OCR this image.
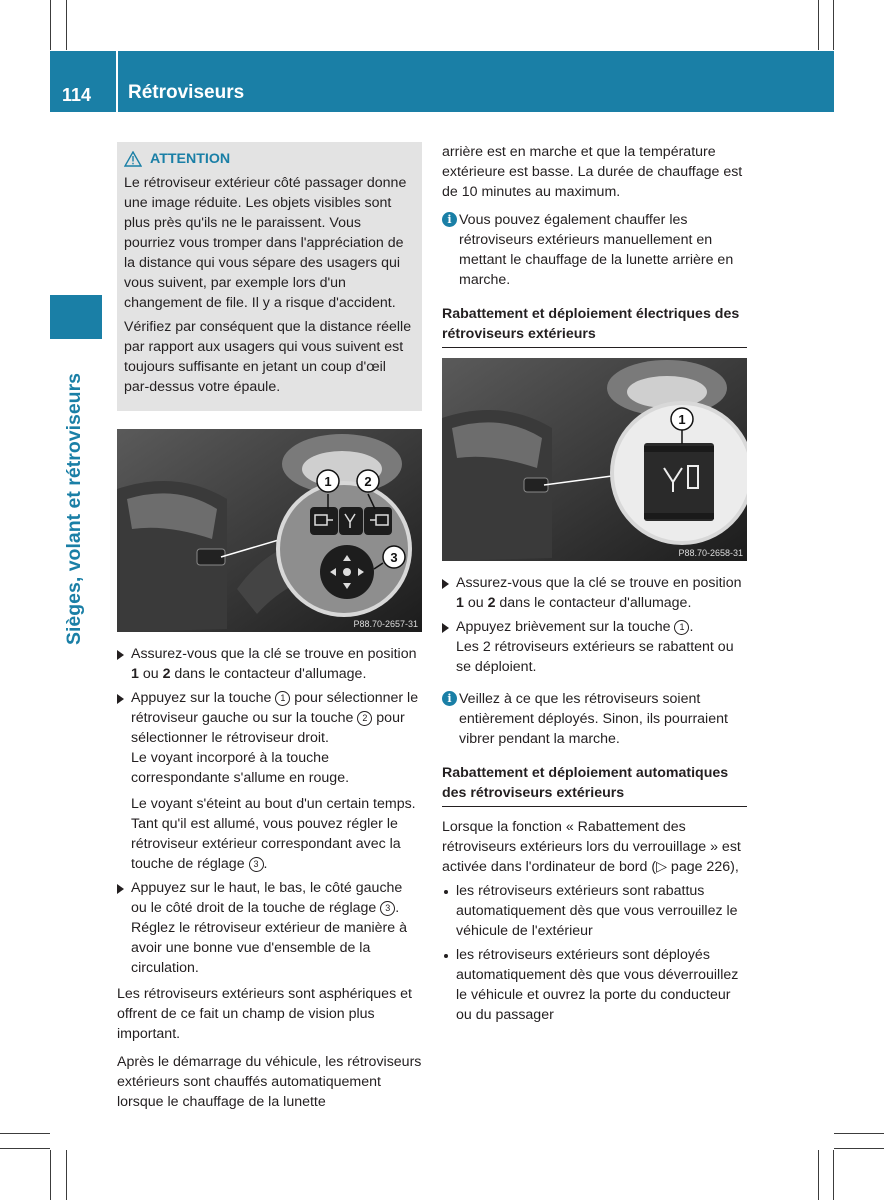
114 Rétroviseurs
Sièges, volant et rétroviseurs
ATTENTION

Le rétroviseur extérieur côté passager donne une image réduite. Les objets visibles sont plus près qu'ils ne le paraissent. Vous pourriez vous tromper dans l'appréciation de la distance qui vous sépare des usagers qui vous suivent, par exemple lors d'un changement de file. Il y a risque d'accident.

Vérifiez par conséquent que la distance réelle par rapport aux usagers qui vous suivent est toujours suffisante en jetant un coup d'œil par-dessus votre épaule.

1	2
3
P88.70-2657-31
Assurez-vous que la clé se trouve en position 1 ou 2 dans le contacteur d'allumage.
Appuyez sur la touche 1 pour sélectionner le rétroviseur gauche ou sur la touche 2 pour sélectionner le rétroviseur droit.
Le voyant incorporé à la touche correspondante s'allume en rouge.
Le voyant s'éteint au bout d'un certain temps. Tant qu'il est allumé, vous pouvez régler le rétroviseur extérieur correspondant avec la touche de réglage 3 .
Appuyez sur le haut, le bas, le côté gauche ou le côté droit de la touche de réglage 3 .
Réglez le rétroviseur extérieur de manière à avoir une bonne vue d'ensemble de la circulation.

Les rétroviseurs extérieurs sont asphériques et offrent de ce fait un champ de vision plus important.

Après le démarrage du véhicule, les rétroviseurs extérieurs sont chauffés automatiquement lorsque le chauffage de la lunette

arrière est en marche et que la température extérieure est basse. La durée de chauffage est de 10 minutes au maximum.

i Vous pouvez également chauffer les rétroviseurs extérieurs manuellement en mettant le chauffage de la lunette arrière en marche.
Rabattement et déploiement électriques des rétroviseurs extérieurs
1
P88.70-2658-31
Assurez-vous que la clé se trouve en position 1 ou 2 dans le contacteur d'allumage.
Appuyez brièvement sur la touche 1 .
Les 2 rétroviseurs extérieurs se rabattent ou se déploient.
i Veillez à ce que les rétroviseurs soient entièrement déployés. Sinon, ils pourraient vibrer pendant la marche.
Rabattement et déploiement automatiques des rétroviseurs extérieurs

Lorsque la fonction « Rabattement des rétroviseurs extérieurs lors du verrouillage » est activée dans l'ordinateur de bord (▷ page 226),

les rétroviseurs extérieurs sont rabattus automatiquement dès que vous verrouillez le véhicule de l'extérieur
les rétroviseurs extérieurs sont déployés automatiquement dès que vous déverrouillez le véhicule et ouvrez la porte du conducteur ou du passager
